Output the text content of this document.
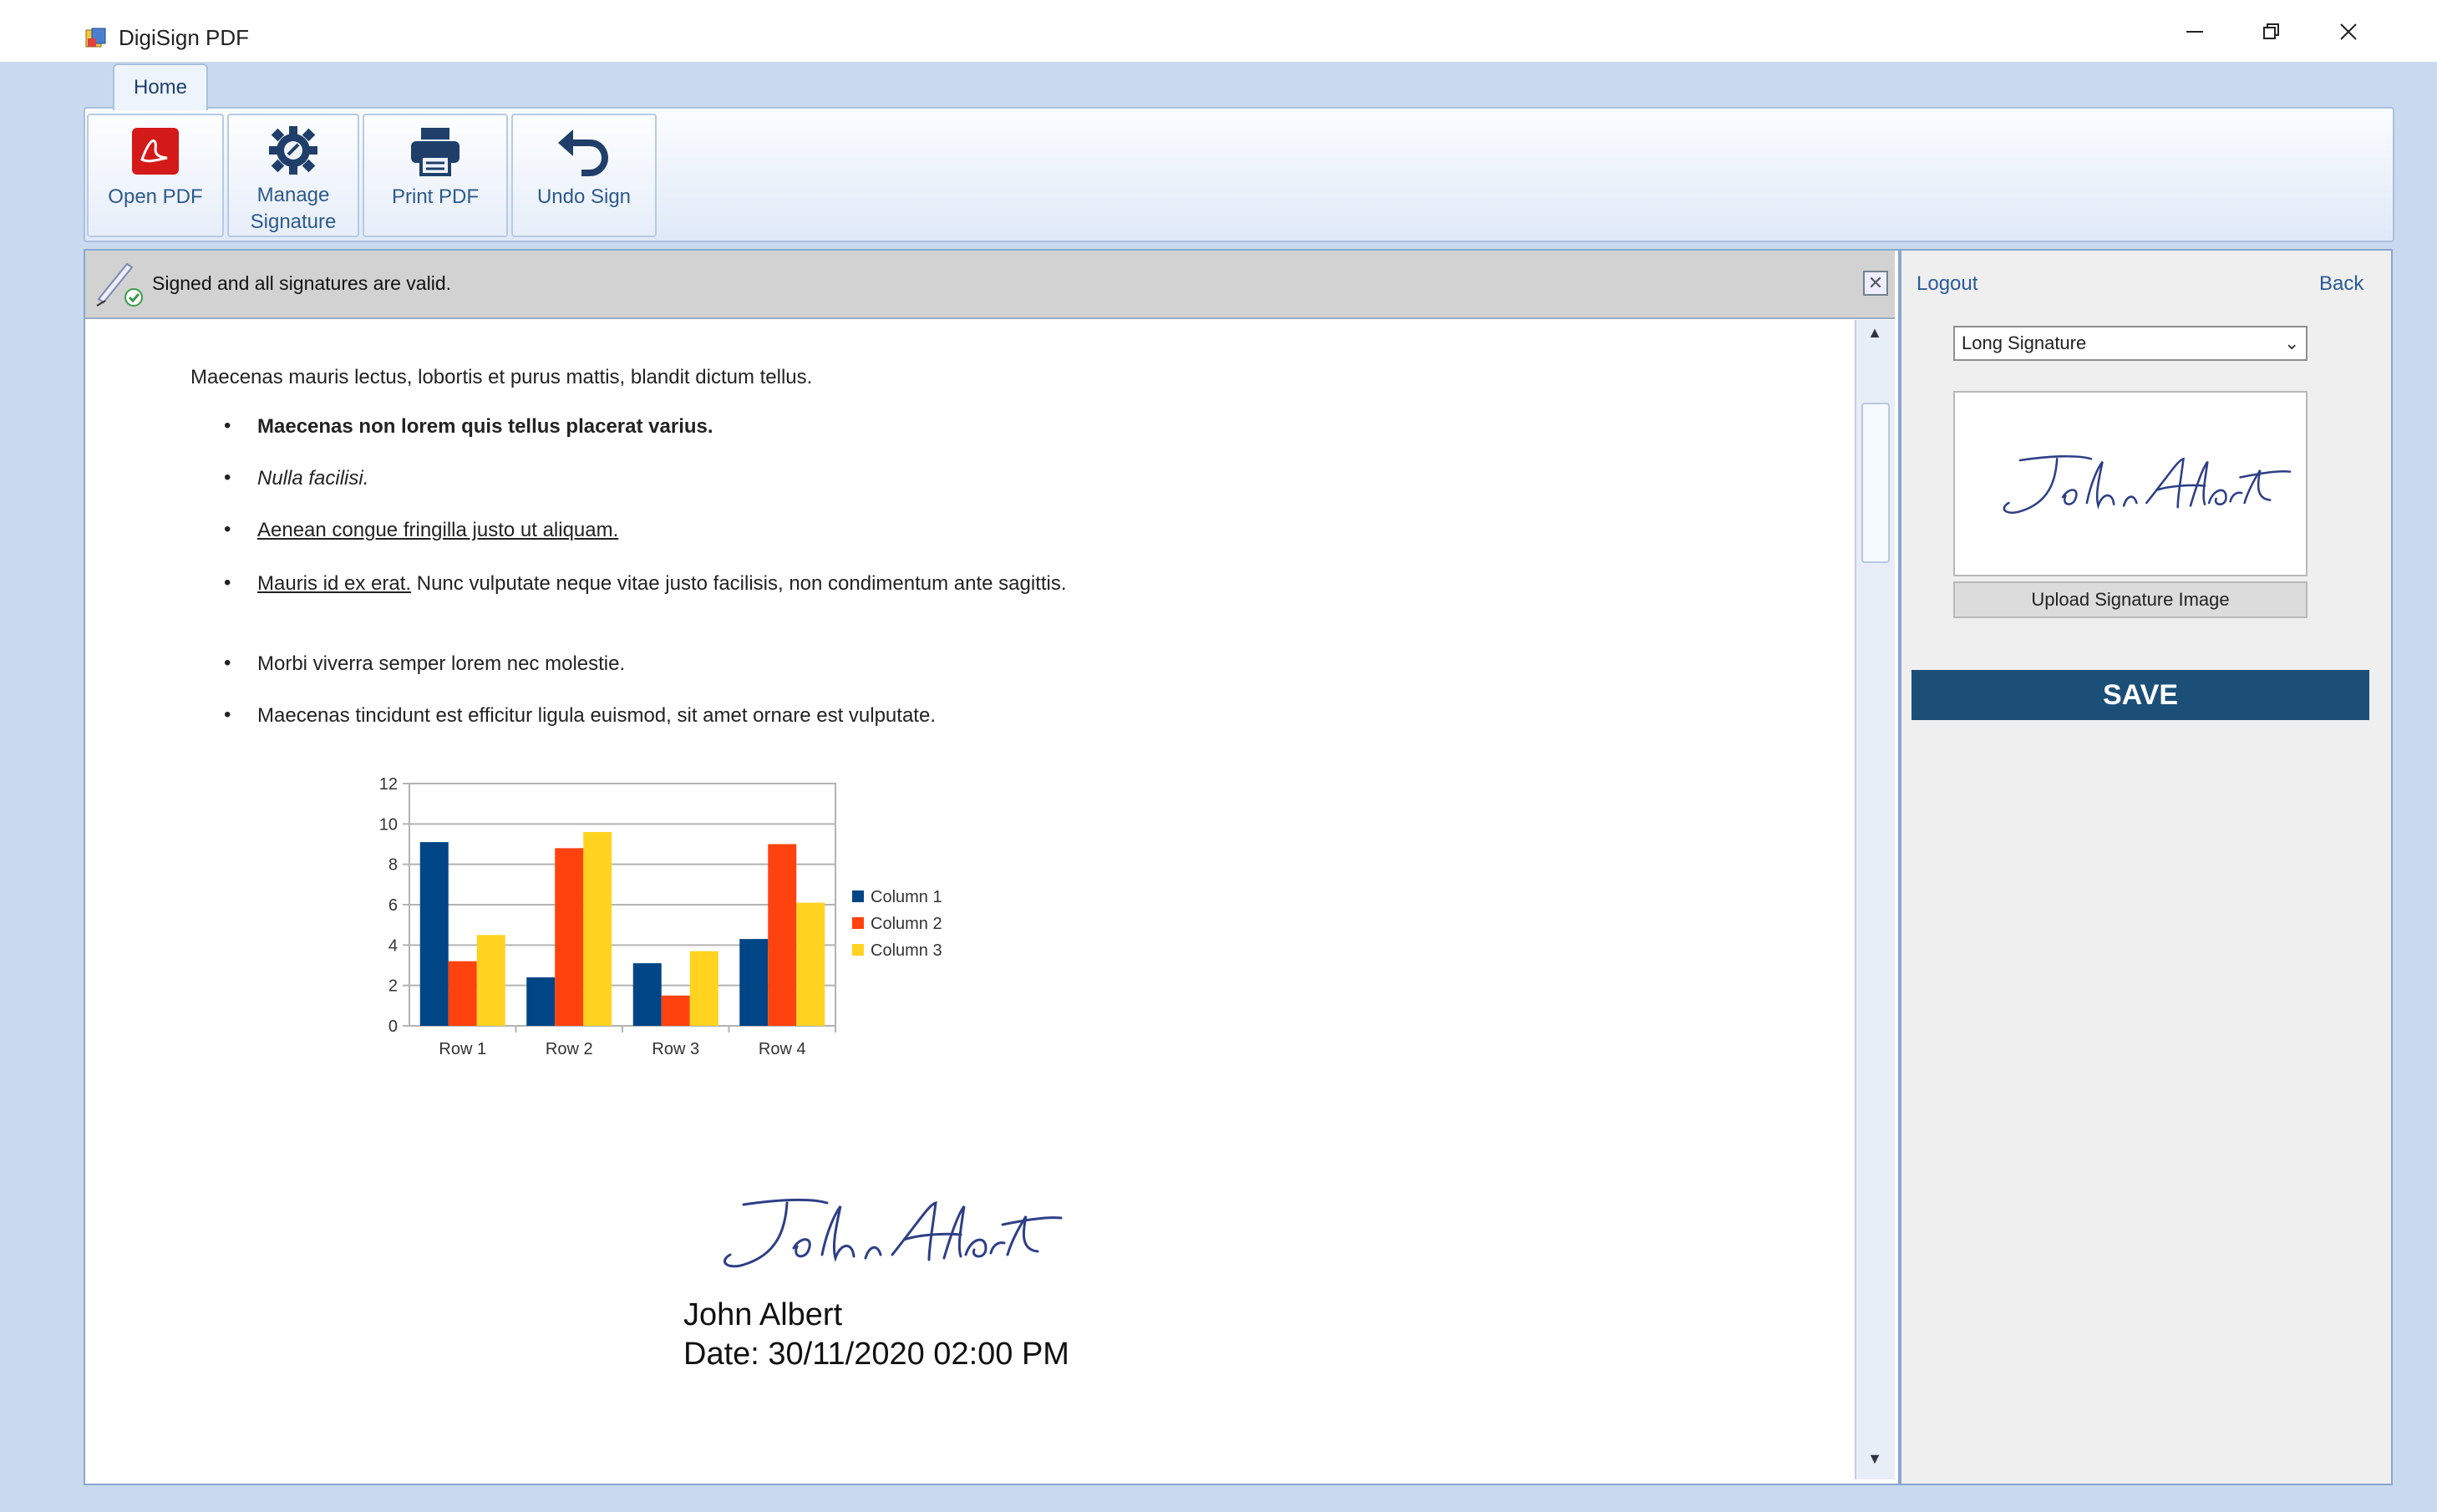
DigiSign PDF
Home
Open PDF	Manage Signature
Print PDF	Undo Sign
Signed and all signatures are valid.	✕
▲
▼
Maecenas mauris lectus, lobortis et purus mattis, blandit dictum tellus.
• Maecenas non lorem quis tellus placerat varius.
• Nulla facilisi.
• Aenean congue fringilla justo ut aliquam.
• Mauris id ex erat. Nunc vulputate neque vitae justo facilisis, non condimentum ante sagittis.
• Morbi viverra semper lorem nec molestie.
• Maecenas tincidunt est efficitur ligula euismod, sit amet ornare est vulputate.
0
2
4
6
8
10
12
Row 1	Row 2	Row 3	Row 4
Column 1
Column 2
Column 3
John Albert
Date: 30/11/2020 02:00 PM
Logout	Back
Long Signature	⌄
Upload Signature Image
SAVE
